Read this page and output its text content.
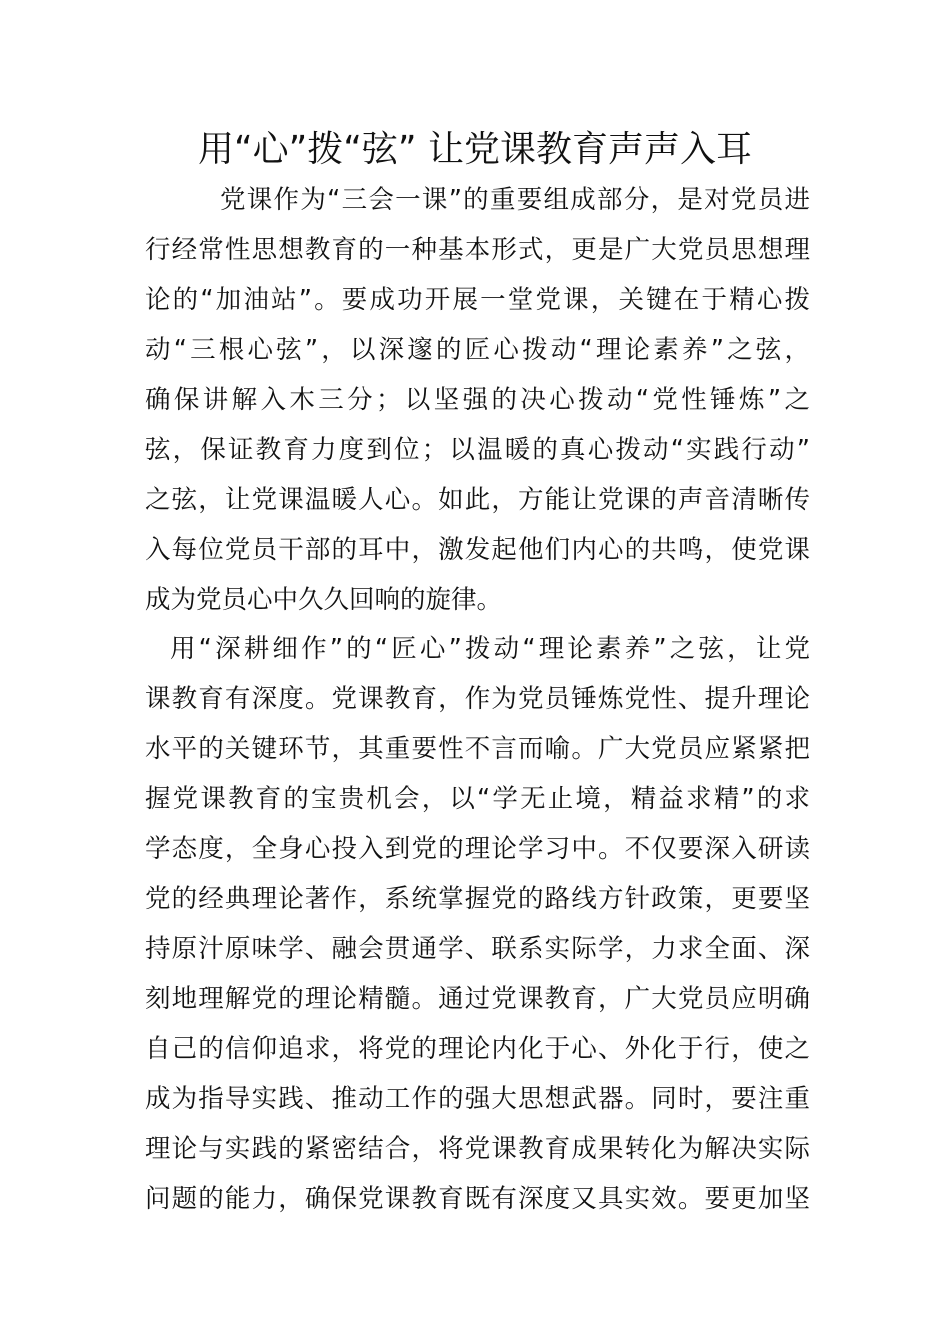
用“心”拨“弦” 让党课教育声声入耳

党课作为“三会一课”的重要组成部分，是对党员进

行经常性思想教育的一种基本形式，更是广大党员思想理

论的“加油站”。要成功开展一堂党课，关键在于精心拨

动“三根心弦”，以深邃的匠心拨动“理论素养”之弦，

确保讲解入木三分；以坚强的决心拨动“党性锤炼”之

弦，保证教育力度到位；以温暖的真心拨动“实践行动”

之弦，让党课温暖人心。如此，方能让党课的声音清晰传

入每位党员干部的耳中，激发起他们内心的共鸣，使党课

成为党员心中久久回响的旋律。

用“深耕细作”的“匠心”拨动“理论素养”之弦，让党

课教育有深度。党课教育，作为党员锤炼党性、提升理论

水平的关键环节，其重要性不言而喻。广大党员应紧紧把

握党课教育的宝贵机会，以“学无止境，精益求精”的求

学态度，全身心投入到党的理论学习中。不仅要深入研读

党的经典理论著作，系统掌握党的路线方针政策，更要坚

持原汁原味学、融会贯通学、联系实际学，力求全面、深

刻地理解党的理论精髓。通过党课教育，广大党员应明确

自己的信仰追求，将党的理论内化于心、外化于行，使之

成为指导实践、推动工作的强大思想武器。同时，要注重

理论与实践的紧密结合，将党课教育成果转化为解决实际

问题的能力，确保党课教育既有深度又具实效。要更加坚
